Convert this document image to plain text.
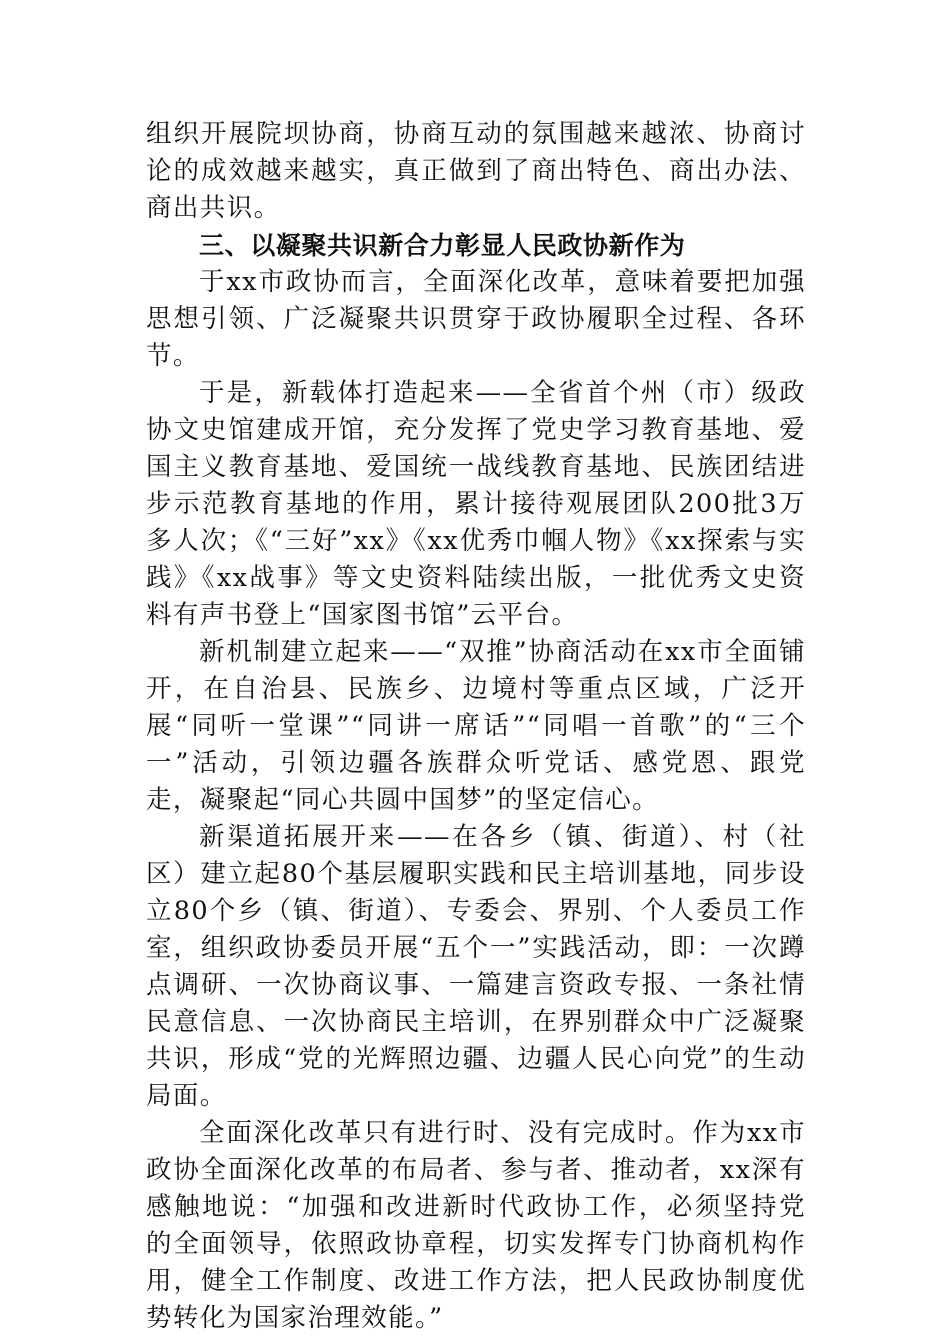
组织开展院坝协商，协商互动的氛围越来越浓、协商讨论的成效越来越实，真正做到了商出特色、商出办法、商出共识。

三、以凝聚共识新合力彰显人民政协新作为

于xx市政协而言，全面深化改革，意味着要把加强思想引领、广泛凝聚共识贯穿于政协履职全过程、各环节。

于是，新载体打造起来——全省首个州（市）级政协文史馆建成开馆，充分发挥了党史学习教育基地、爱国主义教育基地、爱国统一战线教育基地、民族团结进步示范教育基地的作用，累计接待观展团队200批3万多人次；《“三好”xx》《xx优秀巾帼人物》《xx探索与实践》《xx战事》等文史资料陆续出版，一批优秀文史资料有声书登上“国家图书馆”云平台。

新机制建立起来——“双推”协商活动在xx市全面铺开，在自治县、民族乡、边境村等重点区域，广泛开展“同听一堂课”“同讲一席话”“同唱一首歌”的“三个一”活动，引领边疆各族群众听党话、感党恩、跟党走，凝聚起“同心共圆中国梦”的坚定信心。

新渠道拓展开来——在各乡（镇、街道）、村（社区）建立起80个基层履职实践和民主培训基地，同步设立80个乡（镇、街道）、专委会、界别、个人委员工作室，组织政协委员开展“五个一”实践活动，即：一次蹲点调研、一次协商议事、一篇建言资政专报、一条社情民意信息、一次协商民主培训，在界别群众中广泛凝聚共识，形成“党的光辉照边疆、边疆人民心向党”的生动局面。

全面深化改革只有进行时、没有完成时。作为xx市政协全面深化改革的布局者、参与者、推动者，xx深有感触地说：“加强和改进新时代政协工作，必须坚持党的全面领导，依照政协章程，切实发挥专门协商机构作用，健全工作制度、改进工作方法，把人民政协制度优势转化为国家治理效能。”
